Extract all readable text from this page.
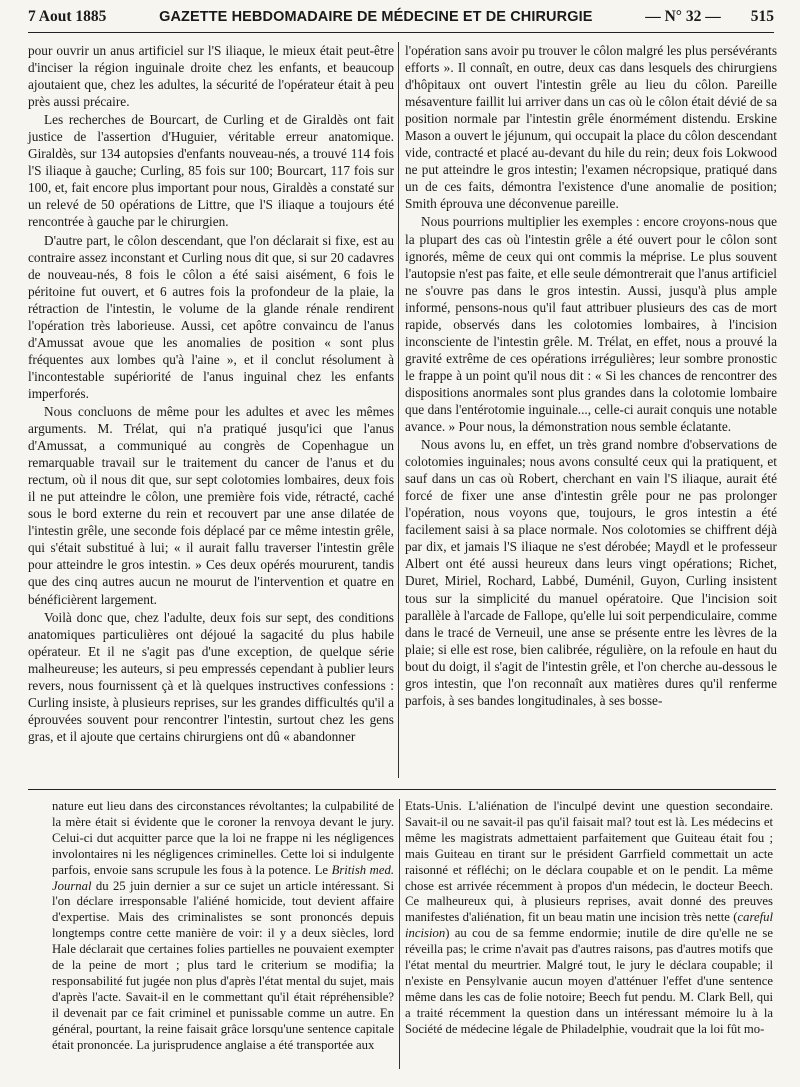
7 Aout 1885	GAZETTE HEBDOMADAIRE DE MÉDECINE ET DE CHIRURGIE	— N° 32 — 515

pour ouvrir un anus artificiel sur l'S iliaque, le mieux était peut-être d'inciser la région inguinale droite chez les enfants, et beaucoup ajoutaient que, chez les adultes, la sécurité de l'opérateur était à peu près aussi précaire.

Les recherches de Bourcart, de Curling et de Giraldès ont fait justice de l'assertion d'Huguier, véritable erreur anatomique. Giraldès, sur 134 autopsies d'enfants nouveau-nés, a trouvé 114 fois l'S iliaque à gauche; Curling, 85 fois sur 100; Bourcart, 117 fois sur 100, et, fait encore plus important pour nous, Giraldès a constaté sur un relevé de 50 opérations de Littre, que l'S iliaque a toujours été rencontrée à gauche par le chirurgien.

D'autre part, le côlon descendant, que l'on déclarait si fixe, est au contraire assez inconstant et Curling nous dit que, si sur 20 cadavres de nouveau-nés, 8 fois le côlon a été saisi aisément, 6 fois le péritoine fut ouvert, et 6 autres fois la profondeur de la plaie, la rétraction de l'intestin, le volume de la glande rénale rendirent l'opération très laborieuse. Aussi, cet apôtre convaincu de l'anus d'Amussat avoue que les anomalies de position « sont plus fréquentes aux lombes qu'à l'aine », et il conclut résolument à l'incontestable supériorité de l'anus inguinal chez les enfants imperforés.

Nous concluons de même pour les adultes et avec les mêmes arguments. M. Trélat, qui n'a pratiqué jusqu'ici que l'anus d'Amussat, a communiqué au congrès de Copenhague un remarquable travail sur le traitement du cancer de l'anus et du rectum, où il nous dit que, sur sept colotomies lombaires, deux fois il ne put atteindre le côlon, une première fois vide, rétracté, caché sous le bord externe du rein et recouvert par une anse dilatée de l'intestin grêle, une seconde fois déplacé par ce même intestin grêle, qui s'était substitué à lui; « il aurait fallu traverser l'intestin grêle pour atteindre le gros intestin. » Ces deux opérés moururent, tandis que des cinq autres aucun ne mourut de l'intervention et quatre en bénéficièrent largement.

Voilà donc que, chez l'adulte, deux fois sur sept, des conditions anatomiques particulières ont déjoué la sagacité du plus habile opérateur. Et il ne s'agit pas d'une exception, de quelque série malheureuse; les auteurs, si peu empressés cependant à publier leurs revers, nous fournissent çà et là quelques instructives confessions : Curling insiste, à plusieurs reprises, sur les grandes difficultés qu'il a éprouvées souvent pour rencontrer l'intestin, surtout chez les gens gras, et il ajoute que certains chirurgiens ont dû « abandonner

l'opération sans avoir pu trouver le côlon malgré les plus persévérants efforts ». Il connaît, en outre, deux cas dans lesquels des chirurgiens d'hôpitaux ont ouvert l'intestin grêle au lieu du côlon. Pareille mésaventure faillit lui arriver dans un cas où le côlon était dévié de sa position normale par l'intestin grêle énormément distendu. Erskine Mason a ouvert le jéjunum, qui occupait la place du côlon descendant vide, contracté et placé au-devant du hile du rein; deux fois Lokwood ne put atteindre le gros intestin; l'examen nécropsique, pratiqué dans un de ces faits, démontra l'existence d'une anomalie de position; Smith éprouva une déconvenue pareille.

Nous pourrions multiplier les exemples : encore croyons-nous que la plupart des cas où l'intestin grêle a été ouvert pour le côlon sont ignorés, même de ceux qui ont commis la méprise. Le plus souvent l'autopsie n'est pas faite, et elle seule démontrerait que l'anus artificiel ne s'ouvre pas dans le gros intestin. Aussi, jusqu'à plus ample informé, pensons-nous qu'il faut attribuer plusieurs des cas de mort rapide, observés dans les colotomies lombaires, à l'incision inconsciente de l'intestin grêle. M. Trélat, en effet, nous a prouvé la gravité extrême de ces opérations irrégulières; leur sombre pronostic le frappe à un point qu'il nous dit : « Si les chances de rencontrer des dispositions anormales sont plus grandes dans la colotomie lombaire que dans l'entérotomie inguinale..., celle-ci aurait conquis une notable avance. » Pour nous, la démonstration nous semble éclatante.

Nous avons lu, en effet, un très grand nombre d'observations de colotomies inguinales; nous avons consulté ceux qui la pratiquent, et sauf dans un cas où Robert, cherchant en vain l'S iliaque, aurait été forcé de fixer une anse d'intestin grêle pour ne pas prolonger l'opération, nous voyons que, toujours, le gros intestin a été facilement saisi à sa place normale. Nos colotomies se chiffrent déjà par dix, et jamais l'S iliaque ne s'est dérobée; Maydl et le professeur Albert ont été aussi heureux dans leurs vingt opérations; Richet, Duret, Miriel, Rochard, Labbé, Duménil, Guyon, Curling insistent tous sur la simplicité du manuel opératoire. Que l'incision soit parallèle à l'arcade de Fallope, qu'elle lui soit perpendiculaire, comme dans le tracé de Verneuil, une anse se présente entre les lèvres de la plaie; si elle est rose, bien calibrée, régulière, on la refoule en haut du bout du doigt, il s'agit de l'intestin grêle, et l'on cherche au-dessous le gros intestin, que l'on reconnaît aux matières dures qu'il renferme parfois, à ses bandes longitudinales, à ses bosse-

nature eut lieu dans des circonstances révoltantes; la culpabilité de la mère était si évidente que le coroner la renvoya devant le jury. Celui-ci dut acquitter parce que la loi ne frappe ni les négligences involontaires ni les négligences criminelles. Cette loi si indulgente parfois, envoie sans scrupule les fous à la potence. Le British med. Journal du 25 juin dernier a sur ce sujet un article intéressant. Si l'on déclare irresponsable l'aliéné homicide, tout devient affaire d'expertise. Mais des criminalistes se sont prononcés depuis longtemps contre cette manière de voir: il y a deux siècles, lord Hale déclarait que certaines folies partielles ne pouvaient exempter de la peine de mort ; plus tard le criterium se modifia; la responsabilité fut jugée non plus d'après l'état mental du sujet, mais d'après l'acte. Savait-il en le commettant qu'il était répréhensible? il devenait par ce fait criminel et punissable comme un autre. En général, pourtant, la reine faisait grâce lorsqu'une sentence capitale était prononcée. La jurisprudence anglaise a été transportée aux

Etats-Unis. L'aliénation de l'inculpé devint une question secondaire. Savait-il ou ne savait-il pas qu'il faisait mal? tout est là. Les médecins et même les magistrats admettaient parfaitement que Guiteau était fou ; mais Guiteau en tirant sur le président Garrfield commettait un acte raisonné et réfléchi; on le déclara coupable et on le pendit. La même chose est arrivée récemment à propos d'un médecin, le docteur Beech. Ce malheureux qui, à plusieurs reprises, avait donné des preuves manifestes d'aliénation, fit un beau matin une incision très nette (careful incision) au cou de sa femme endormie; inutile de dire qu'elle ne se réveilla pas; le crime n'avait pas d'autres raisons, pas d'autres motifs que l'état mental du meurtrier. Malgré tout, le jury le déclara coupable; il n'existe en Pensylvanie aucun moyen d'atténuer l'effet d'une sentence même dans les cas de folie notoire; Beech fut pendu. M. Clark Bell, qui a traité récemment la question dans un intéressant mémoire lu à la Société de médecine légale de Philadelphie, voudrait que la loi fût mo-
